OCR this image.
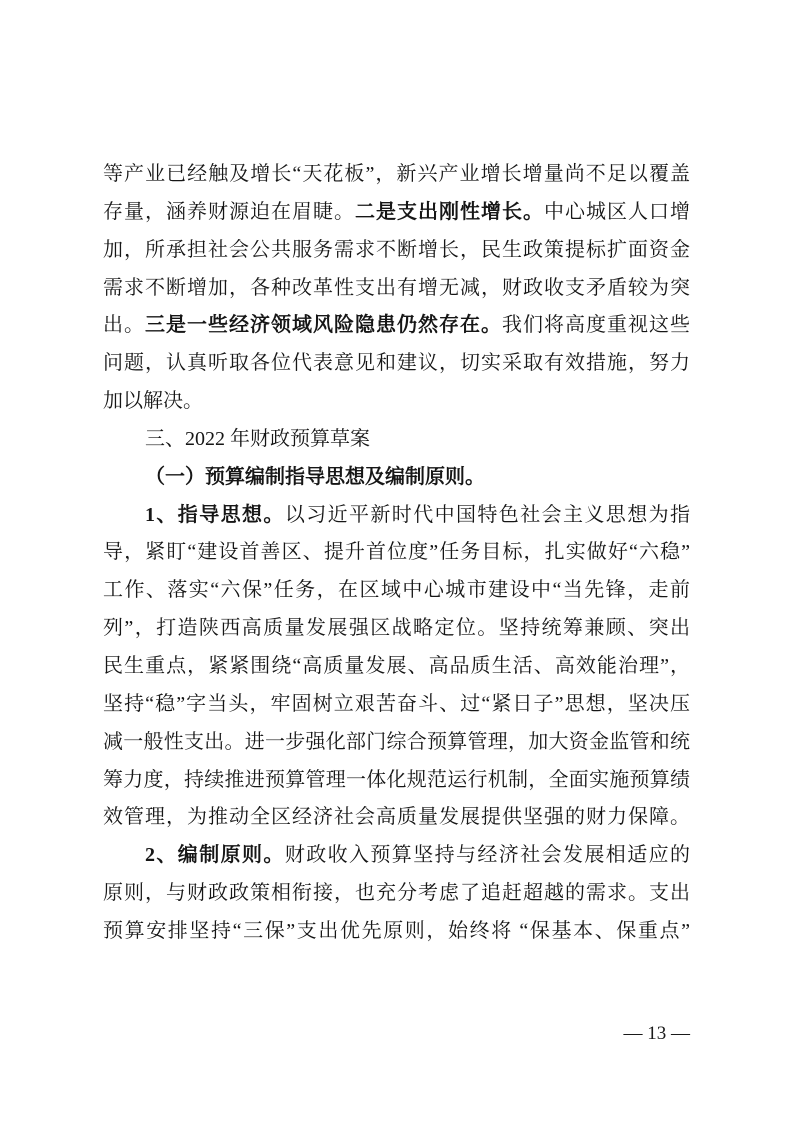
等产业已经触及增长“天花板”，新兴产业增长增量尚不足以覆盖
存量，涵养财源迫在眉睫。二是支出刚性增长。中心城区人口增
加，所承担社会公共服务需求不断增长，民生政策提标扩面资金
需求不断增加，各种改革性支出有增无减，财政收支矛盾较为突
出。三是一些经济领域风险隐患仍然存在。我们将高度重视这些
问题，认真听取各位代表意见和建议，切实采取有效措施，努力
加以解决。
三、2022 年财政预算草案
（一）预算编制指导思想及编制原则。
1、指导思想。以习近平新时代中国特色社会主义思想为指
导，紧盯“建设首善区、提升首位度”任务目标，扎实做好“六稳”
工作、落实“六保”任务，在区域中心城市建设中“当先锋，走前
列”，打造陕西高质量发展强区战略定位。坚持统筹兼顾、突出
民生重点，紧紧围绕“高质量发展、高品质生活、高效能治理”，
坚持“稳”字当头，牢固树立艰苦奋斗、过“紧日子”思想，坚决压
减一般性支出。进一步强化部门综合预算管理，加大资金监管和统
筹力度，持续推进预算管理一体化规范运行机制，全面实施预算绩
效管理，为推动全区经济社会高质量发展提供坚强的财力保障。
2、编制原则。财政收入预算坚持与经济社会发展相适应的
原则，与财政政策相衔接，也充分考虑了追赶超越的需求。支出
预算安排坚持“三保”支出优先原则，始终将 “保基本、保重点”
— 13 —
